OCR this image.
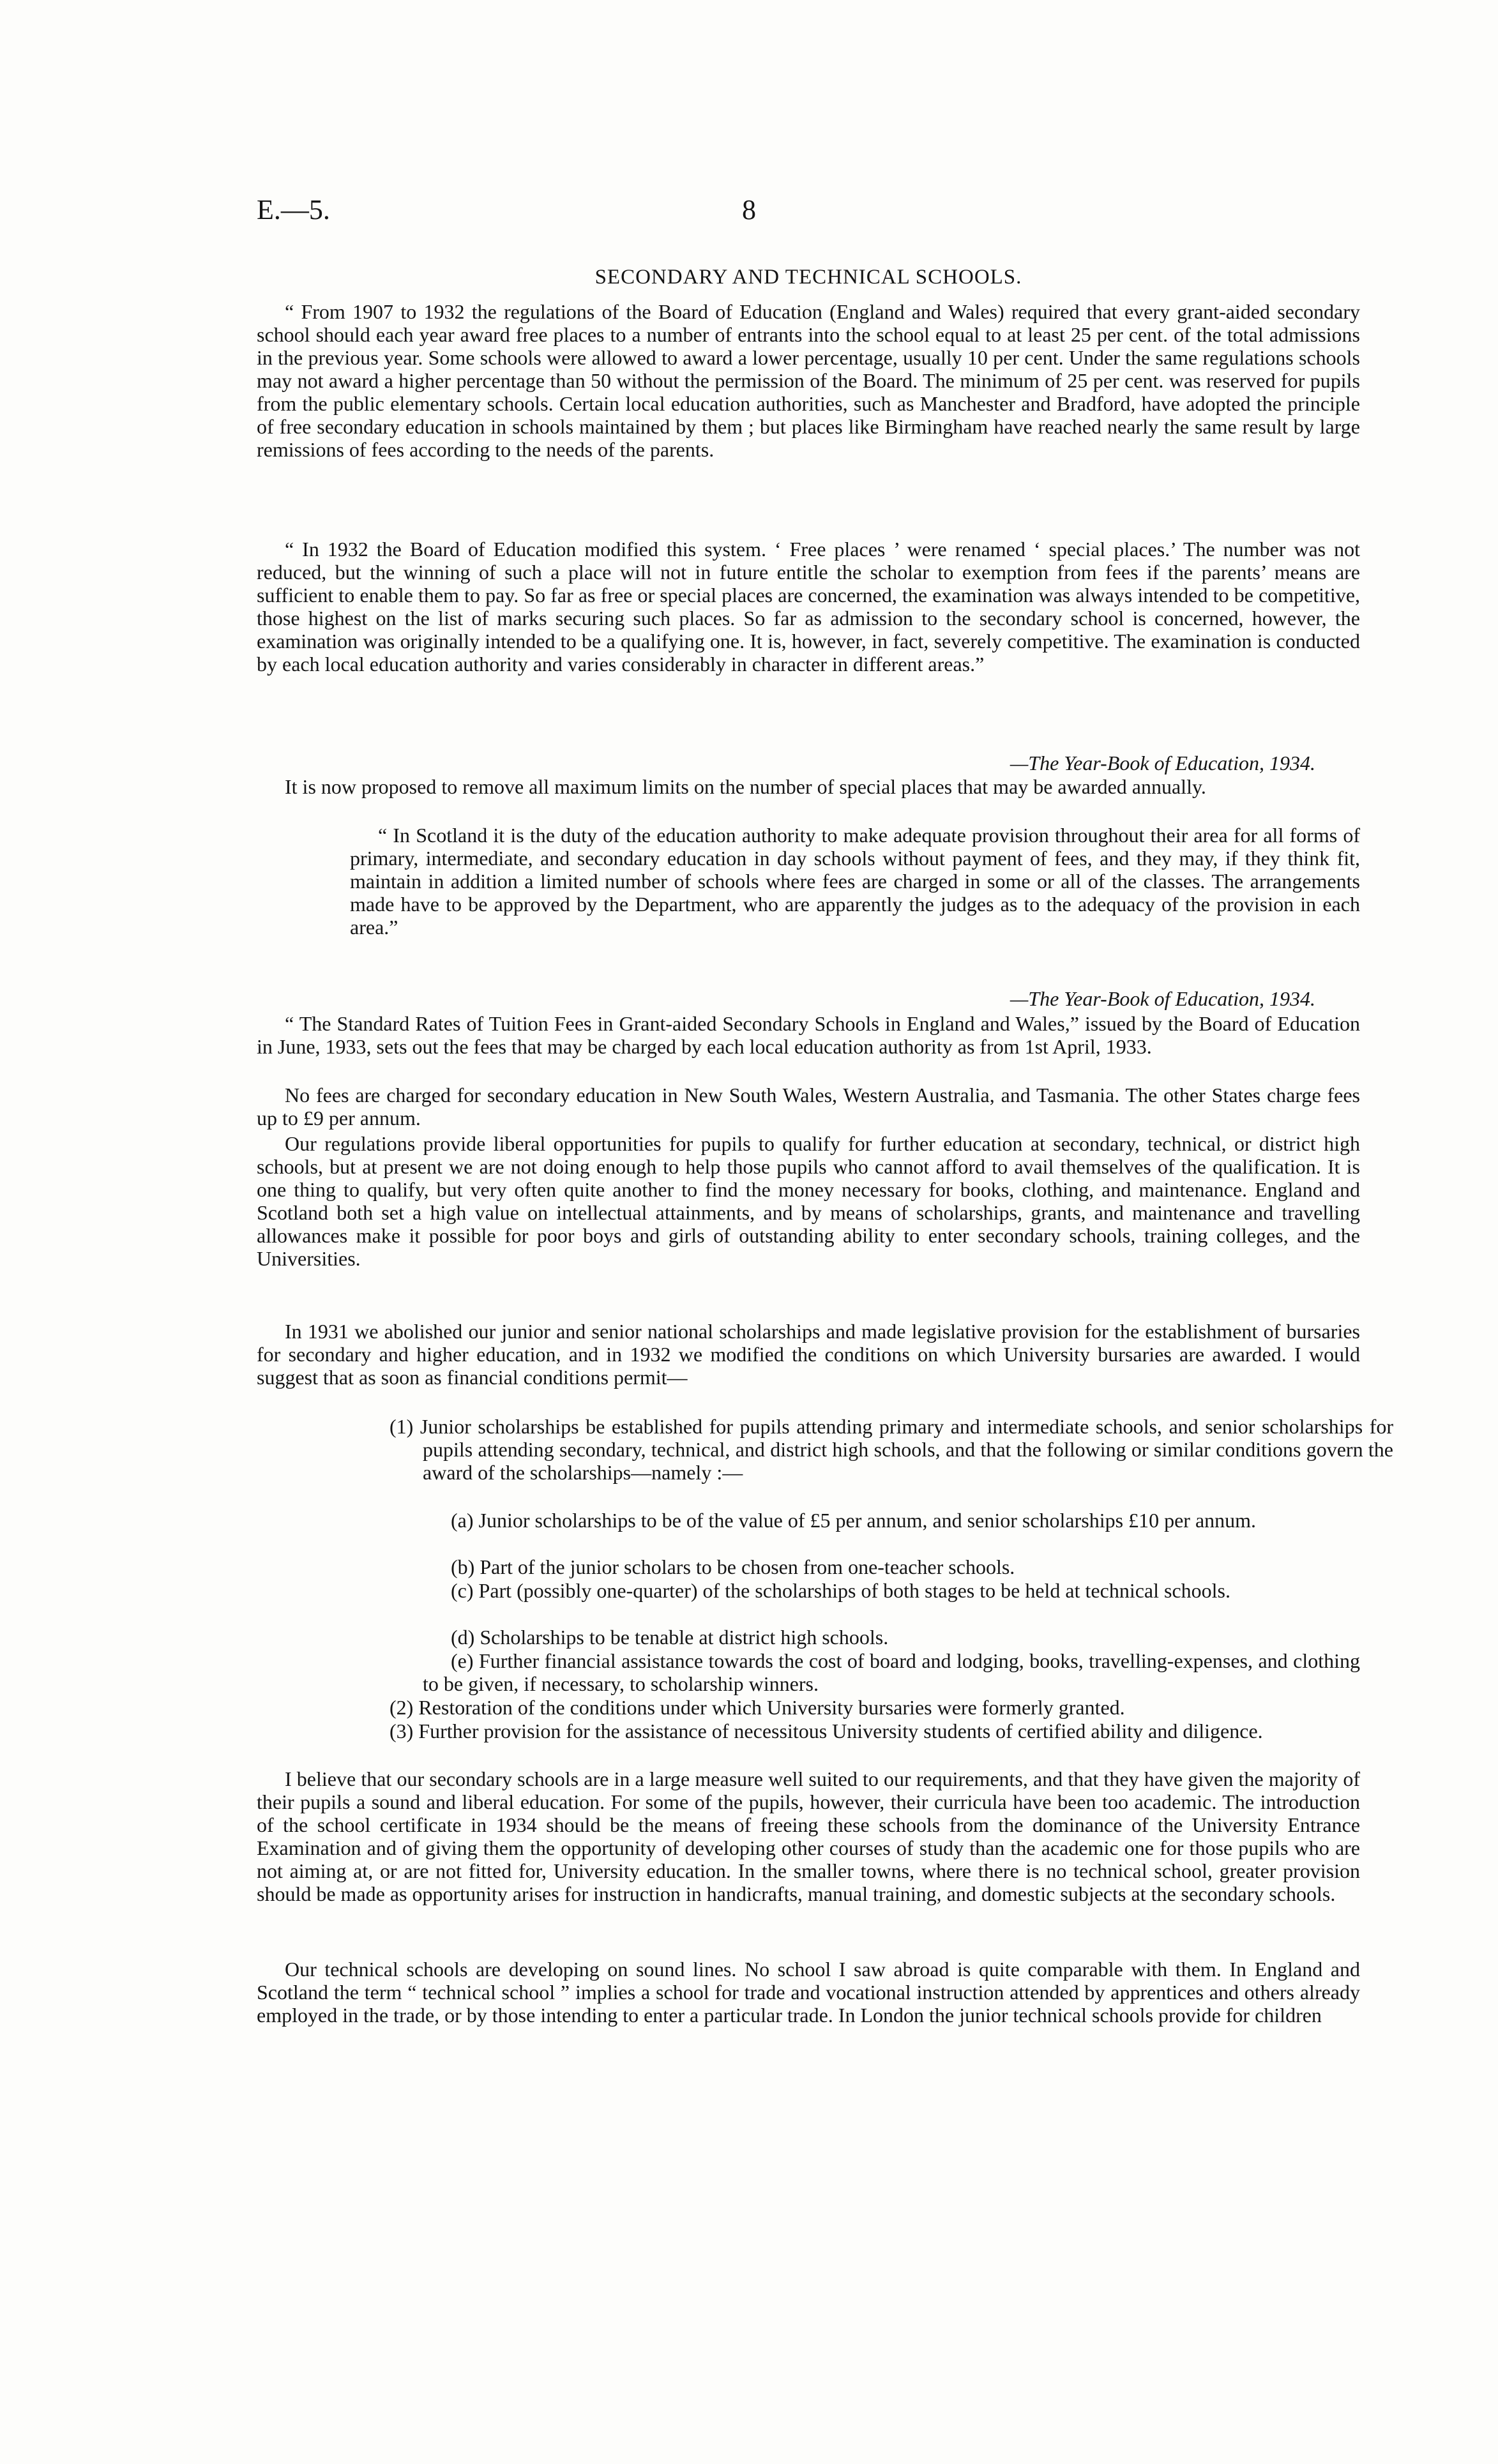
E.—5.	8
SECONDARY AND TECHNICAL SCHOOLS.

“ From 1907 to 1932 the regulations of the Board of Education (England and Wales) required that every grant-aided secondary school should each year award free places to a number of entrants into the school equal to at least 25 per cent. of the total admissions in the previous year. Some schools were allowed to award a lower percentage, usually 10 per cent. Under the same regulations schools may not award a higher percentage than 50 without the permission of the Board. The minimum of 25 per cent. was reserved for pupils from the public elementary schools. Certain local education authorities, such as Manchester and Bradford, have adopted the principle of free secondary education in schools maintained by them ; but places like Birmingham have reached nearly the same result by large remissions of fees according to the needs of the parents.

“ In 1932 the Board of Education modified this system. ‘ Free places ’ were renamed ‘ special places.’ The number was not reduced, but the winning of such a place will not in future entitle the scholar to exemption from fees if the parents’ means are sufficient to enable them to pay. So far as free or special places are concerned, the examination was always intended to be competitive, those highest on the list of marks securing such places. So far as admission to the secondary school is concerned, however, the examination was originally intended to be a qualifying one. It is, however, in fact, severely competitive. The examination is conducted by each local education authority and varies considerably in character in different areas.”

—The Year-Book of Education, 1934.

It is now proposed to remove all maximum limits on the number of special places that may be awarded annually.

“ In Scotland it is the duty of the education authority to make adequate provision throughout their area for all forms of primary, intermediate, and secondary education in day schools without payment of fees, and they may, if they think fit, maintain in addition a limited number of schools where fees are charged in some or all of the classes. The arrangements made have to be approved by the Department, who are apparently the judges as to the adequacy of the provision in each area.”

—The Year-Book of Education, 1934.

“ The Standard Rates of Tuition Fees in Grant-aided Secondary Schools in England and Wales,” issued by the Board of Education in June, 1933, sets out the fees that may be charged by each local education authority as from 1st April, 1933.

No fees are charged for secondary education in New South Wales, Western Australia, and Tasmania. The other States charge fees up to £9 per annum.

Our regulations provide liberal opportunities for pupils to qualify for further education at secondary, technical, or district high schools, but at present we are not doing enough to help those pupils who cannot afford to avail themselves of the qualification. It is one thing to qualify, but very often quite another to find the money necessary for books, clothing, and maintenance. England and Scotland both set a high value on intellectual attainments, and by means of scholarships, grants, and maintenance and travelling allowances make it possible for poor boys and girls of outstanding ability to enter secondary schools, training colleges, and the Universities.

In 1931 we abolished our junior and senior national scholarships and made legislative provision for the establishment of bursaries for secondary and higher education, and in 1932 we modified the conditions on which University bursaries are awarded. I would suggest that as soon as financial conditions permit—

(1) Junior scholarships be established for pupils attending primary and intermediate schools, and senior scholarships for pupils attending secondary, technical, and district high schools, and that the following or similar conditions govern the award of the scholarships—namely :—

(a) Junior scholarships to be of the value of £5 per annum, and senior scholarships £10 per annum.

(b) Part of the junior scholars to be chosen from one-teacher schools.

(c) Part (possibly one-quarter) of the scholarships of both stages to be held at technical schools.

(d) Scholarships to be tenable at district high schools.

(e) Further financial assistance towards the cost of board and lodging, books, travelling-expenses, and clothing to be given, if necessary, to scholarship winners.

(2) Restoration of the conditions under which University bursaries were formerly granted.

(3) Further provision for the assistance of necessitous University students of certified ability and diligence.

I believe that our secondary schools are in a large measure well suited to our requirements, and that they have given the majority of their pupils a sound and liberal education. For some of the pupils, however, their curricula have been too academic. The introduction of the school certificate in 1934 should be the means of freeing these schools from the dominance of the University Entrance Examination and of giving them the opportunity of developing other courses of study than the academic one for those pupils who are not aiming at, or are not fitted for, University education. In the smaller towns, where there is no technical school, greater provision should be made as opportunity arises for instruction in handicrafts, manual training, and domestic subjects at the secondary schools.

Our technical schools are developing on sound lines. No school I saw abroad is quite comparable with them. In England and Scotland the term “ technical school ” implies a school for trade and vocational instruction attended by apprentices and others already employed in the trade, or by those intending to enter a particular trade. In London the junior technical schools provide for children
